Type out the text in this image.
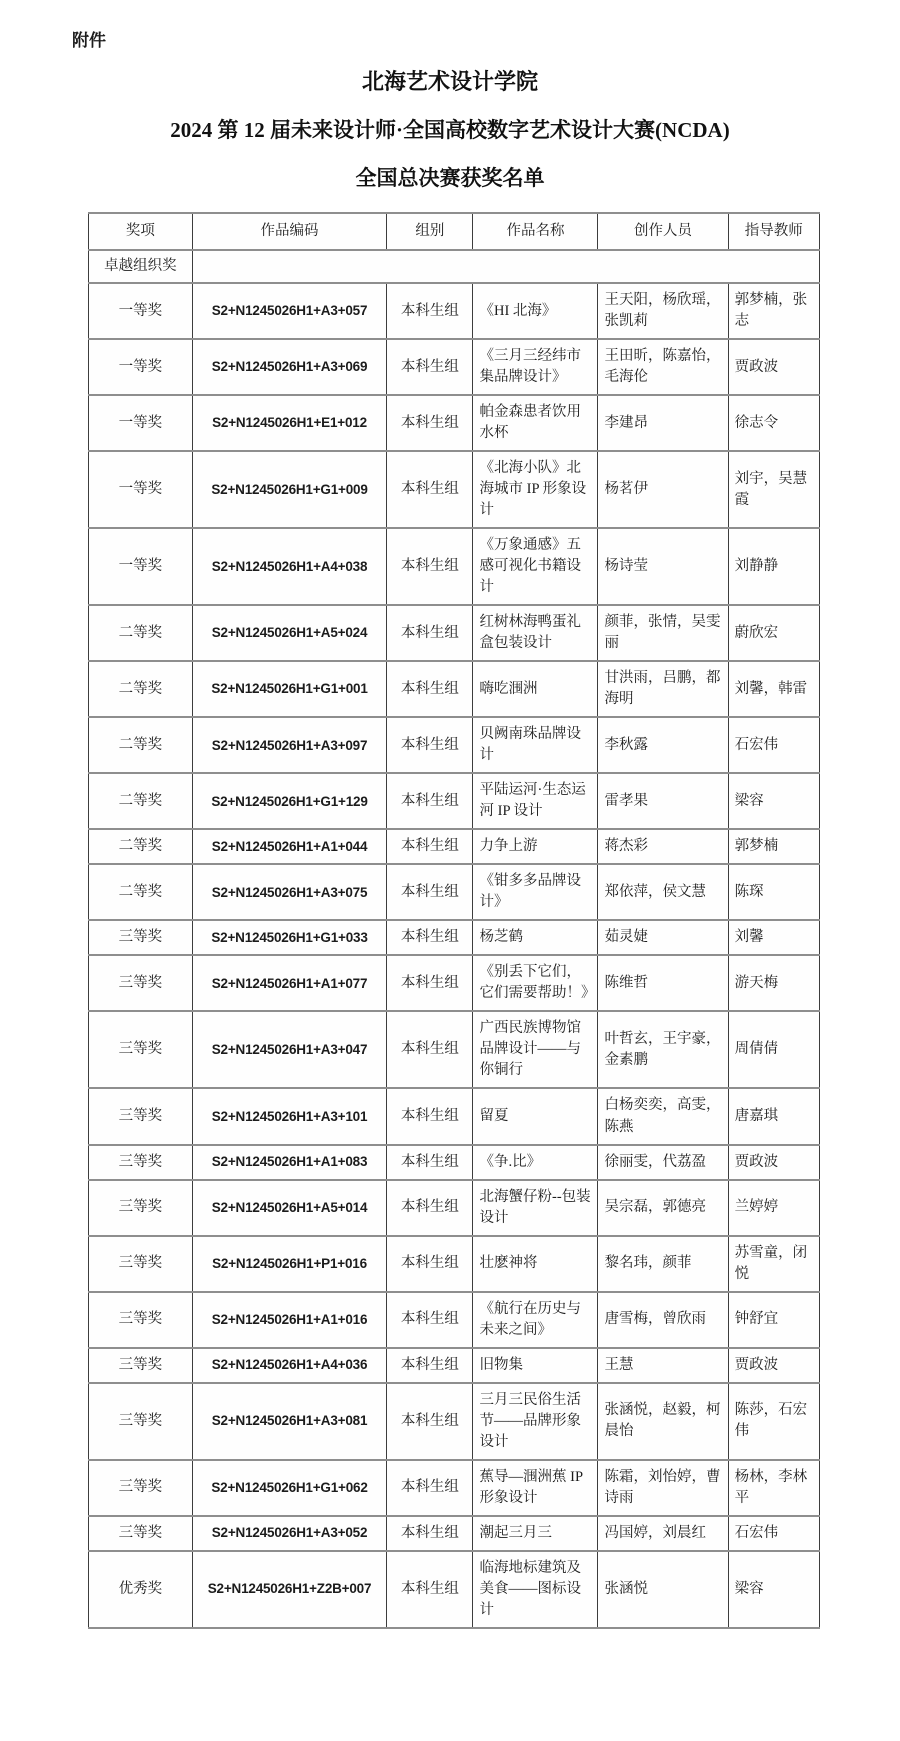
附件
北海艺术设计学院
2024 第 12 届未来设计师·全国高校数字艺术设计大赛(NCDA)
全国总决赛获奖名单
奖项	作品编码	组别	作品名称	创作人员	指导教师
卓越组织奖					
一等奖	S2+N1245026H1+A3+057	本科生组	《HI 北海》	王天阳，杨欣瑶，张凯莉	郭梦楠，张志
一等奖	S2+N1245026H1+A3+069	本科生组	《三月三经纬市集品牌设计》	王田昕，陈嘉怡，毛海伦	贾政波
一等奖	S2+N1245026H1+E1+012	本科生组	帕金森患者饮用水杯	李建昂	徐志令
一等奖	S2+N1245026H1+G1+009	本科生组	《北海小队》北海城市 IP 形象设计	杨茗伊	刘宇，吴慧霞
一等奖	S2+N1245026H1+A4+038	本科生组	《万象通感》五感可视化书籍设计	杨诗莹	刘静静
二等奖	S2+N1245026H1+A5+024	本科生组	红树林海鸭蛋礼盒包装设计	颜菲，张情，吴雯丽	蔚欣宏
二等奖	S2+N1245026H1+G1+001	本科生组	嗨吃涠洲	甘洪雨，吕鹏，都海明	刘馨，韩雷
二等奖	S2+N1245026H1+A3+097	本科生组	贝阙南珠品牌设计	李秋露	石宏伟
二等奖	S2+N1245026H1+G1+129	本科生组	平陆运河·生态运河 IP 设计	雷孝果	梁容
二等奖	S2+N1245026H1+A1+044	本科生组	力争上游	蒋杰彩	郭梦楠
二等奖	S2+N1245026H1+A3+075	本科生组	《钳多多品牌设计》	郑依萍，侯文慧	陈琛
三等奖	S2+N1245026H1+G1+033	本科生组	杨芝鹤	茹灵婕	刘馨
三等奖	S2+N1245026H1+A1+077	本科生组	《别丢下它们，它们需要帮助！》	陈维哲	游天梅
三等奖	S2+N1245026H1+A3+047	本科生组	广西民族博物馆品牌设计——与你铜行	叶哲玄，王宇豪，金素鹏	周倩倩
三等奖	S2+N1245026H1+A3+101	本科生组	留夏	白杨奕奕，高雯，陈燕	唐嘉琪
三等奖	S2+N1245026H1+A1+083	本科生组	《争.比》	徐丽雯，代荔盈	贾政波
三等奖	S2+N1245026H1+A5+014	本科生组	北海蟹仔粉--包装设计	吴宗磊，郭德亮	兰婷婷
三等奖	S2+N1245026H1+P1+016	本科生组	壮麽神将	黎名玮，颜菲	苏雪童，闭悦
三等奖	S2+N1245026H1+A1+016	本科生组	《航行在历史与未来之间》	唐雪梅，曾欣雨	钟舒宜
三等奖	S2+N1245026H1+A4+036	本科生组	旧物集	王慧	贾政波
三等奖	S2+N1245026H1+A3+081	本科生组	三月三民俗生活节——品牌形象设计	张涵悦，赵毅，柯晨怡	陈莎，石宏伟
三等奖	S2+N1245026H1+G1+062	本科生组	蕉导—涠洲蕉 IP 形象设计	陈霜，刘怡婷，曹诗雨	杨林，李林平
三等奖	S2+N1245026H1+A3+052	本科生组	潮起三月三	冯国婷，刘晨红	石宏伟
优秀奖	S2+N1245026H1+Z2B+007	本科生组	临海地标建筑及美食——图标设计	张涵悦	梁容
